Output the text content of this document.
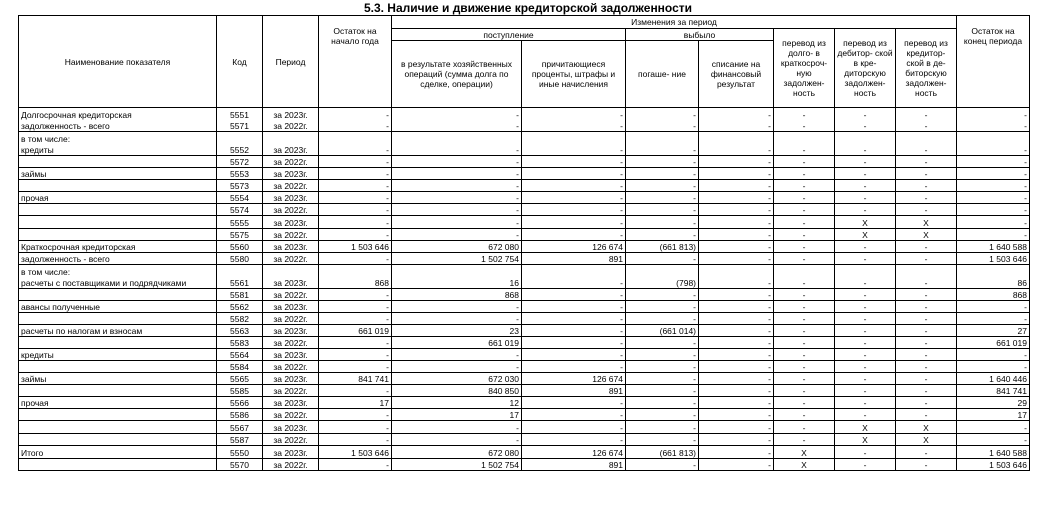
5.3. Наличие и движение кредиторской задолженности
Наименование показателя	Код	Период	Остаток на начало года	Изменения за период							Остаток на конец периода
				поступление		выбыло		перевод из долго- в краткосроч- ную задолжен- ность	перевод из дебитор- ской в кре- диторскую задолжен- ность	перевод из кредитор- ской в де- биторскую задолжен- ность	
				в результате хозяйственных операций (сумма долга по сделке, операции)	причитающиеся проценты, штрафы и иные начисления	погаше- ние	списание на финансовый результат				
Долгосрочная кредиторская	5551	за 2023г.	-	-	-	-	-	-	-	-	-
задолженность - всего	5571	за 2022г.	-	-	-	-	-	-	-	-	-
в том числе:											
кредиты	5552	за 2023г.	-	-	-	-	-	-	-	-	-
	5572	за 2022г.	-	-	-	-	-	-	-	-	-
займы	5553	за 2023г.	-	-	-	-	-	-	-	-	-
	5573	за 2022г.	-	-	-	-	-	-	-	-	-
прочая	5554	за 2023г.	-	-	-	-	-	-	-	-	-
	5574	за 2022г.	-	-	-	-	-	-	-	-	-
	5555	за 2023г.	-	-	-	-	-	-	X	X	-
	5575	за 2022г.	-	-	-	-	-	-	X	X	-
Краткосрочная кредиторская	5560	за 2023г.	1 503 646	672 080	126 674	(661 813)	-	-	-	-	1 640 588
задолженность - всего	5580	за 2022г.	-	1 502 754	891	-	-	-	-	-	1 503 646
в том числе:											
расчеты с поставщиками и подрядчиками	5561	за 2023г.	868	16	-	(798)	-	-	-	-	86
	5581	за 2022г.	-	868	-	-	-	-	-	-	868
авансы полученные	5562	за 2023г.	-	-	-	-	-	-	-	-	-
	5582	за 2022г.	-	-	-	-	-	-	-	-	-
расчеты по налогам и взносам	5563	за 2023г.	661 019	23	-	(661 014)	-	-	-	-	27
	5583	за 2022г.	-	661 019	-	-	-	-	-	-	661 019
кредиты	5564	за 2023г.	-	-	-	-	-	-	-	-	-
	5584	за 2022г.	-	-	-	-	-	-	-	-	-
займы	5565	за 2023г.	841 741	672 030	126 674	-	-	-	-	-	1 640 446
	5585	за 2022г.	-	840 850	891	-	-	-	-	-	841 741
прочая	5566	за 2023г.	17	12	-	-	-	-	-	-	29
	5586	за 2022г.	-	17	-	-	-	-	-	-	17
	5567	за 2023г.	-	-	-	-	-	-	X	X	-
	5587	за 2022г.	-	-	-	-	-	-	X	X	-
Итого	5550	за 2023г.	1 503 646	672 080	126 674	(661 813)	-	X	-	-	1 640 588
	5570	за 2022г.	-	1 502 754	891	-	-	X	-	-	1 503 646
